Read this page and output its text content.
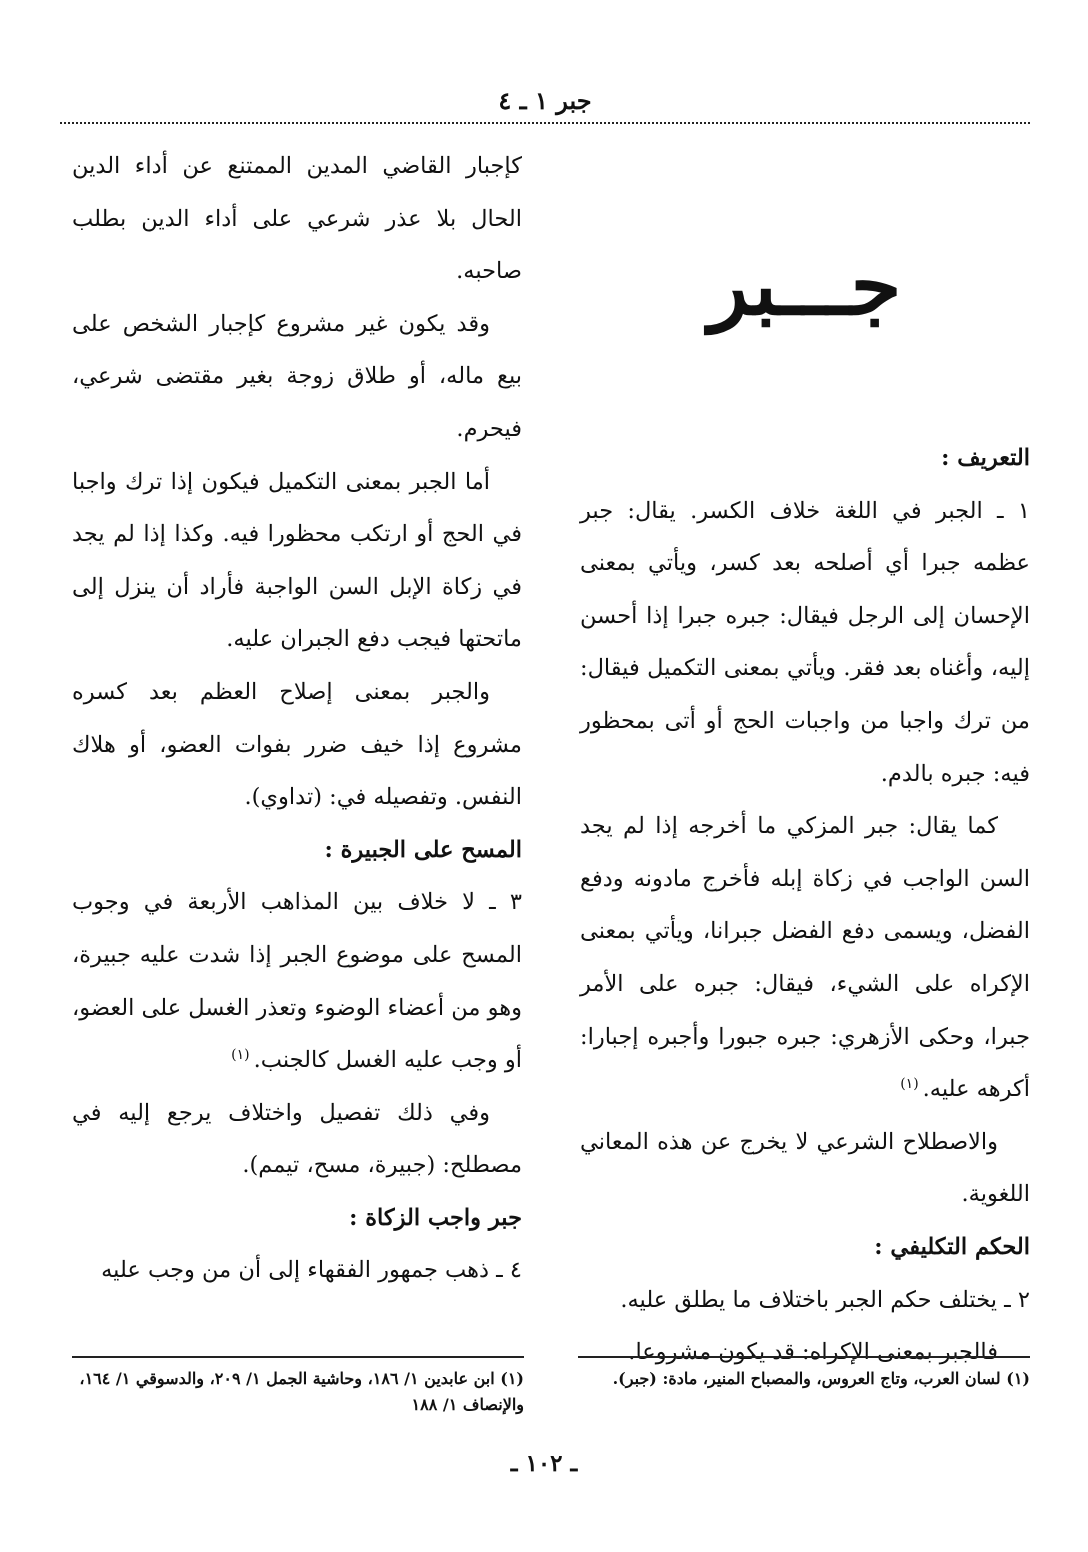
جبر ١ ـ ٤
جـــبر

التعريف :

١ ـ الجبر في اللغة خلاف الكسر. يقال: جبر عظمه جبرا أي أصلحه بعد كسر، ويأتي بمعنى الإحسان إلى الرجل فيقال: جبره جبرا إذا أحسن إليه، وأغناه بعد فقر. ويأتي بمعنى التكميل فيقال: من ترك واجبا من واجبات الحج أو أتى بمحظور فيه: جبره بالدم.

كما يقال: جبر المزكي ما أخرجه إذا لم يجد السن الواجب في زكاة إبله فأخرج مادونه ودفع الفضل، ويسمى دفع الفضل جبرانا، ويأتي بمعنى الإكراه على الشيء، فيقال: جبره على الأمر جبرا، وحكى الأزهري: جبره جبورا وأجبره إجبارا: أكرهه عليه.$^{(١)}$

والاصطلاح الشرعي لا يخرج عن هذه المعاني اللغوية.

الحكم التكليفي :

٢ ـ يختلف حكم الجبر باختلاف ما يطلق عليه.

فالجبر بمعنى الإكراه: قد يكون مشروعا.

كإجبار القاضي المدين الممتنع عن أداء الدين الحال بلا عذر شرعي على أداء الدين بطلب صاحبه.

وقد يكون غير مشروع كإجبار الشخص على بيع ماله، أو طلاق زوجة بغير مقتضى شرعي، فيحرم.

أما الجبر بمعنى التكميل فيكون إذا ترك واجبا في الحج أو ارتكب محظورا فيه. وكذا إذا لم يجد في زكاة الإبل السن الواجبة فأراد أن ينزل إلى ماتحتها فيجب دفع الجبران عليه.

والجبر بمعنى إصلاح العظم بعد كسره مشروع إذا خيف ضرر بفوات العضو، أو هلاك النفس. وتفصيله في: (تداوي).

المسح على الجبيرة :

٣ ـ لا خلاف بين المذاهب الأربعة في وجوب المسح على موضوع الجبر إذا شدت عليه جبيرة، وهو من أعضاء الوضوء وتعذر الغسل على العضو، أو وجب عليه الغسل كالجنب.$^{(١)}$

وفي ذلك تفصيل واختلاف يرجع إليه في مصطلح: (جبيرة، مسح، تيمم).

جبر واجب الزكاة :

٤ ـ ذهب جمهور الفقهاء إلى أن من وجب عليه

(١) لسان العرب، وتاج العروس، والمصباح المنير، مادة: (جبر).
(١) ابن عابدين ١/ ١٨٦، وحاشية الجمل ١/ ٢٠٩، والدسوقي ١/ ١٦٤، والإنصاف ١/ ١٨٨
ـ ١٠٢ ـ
